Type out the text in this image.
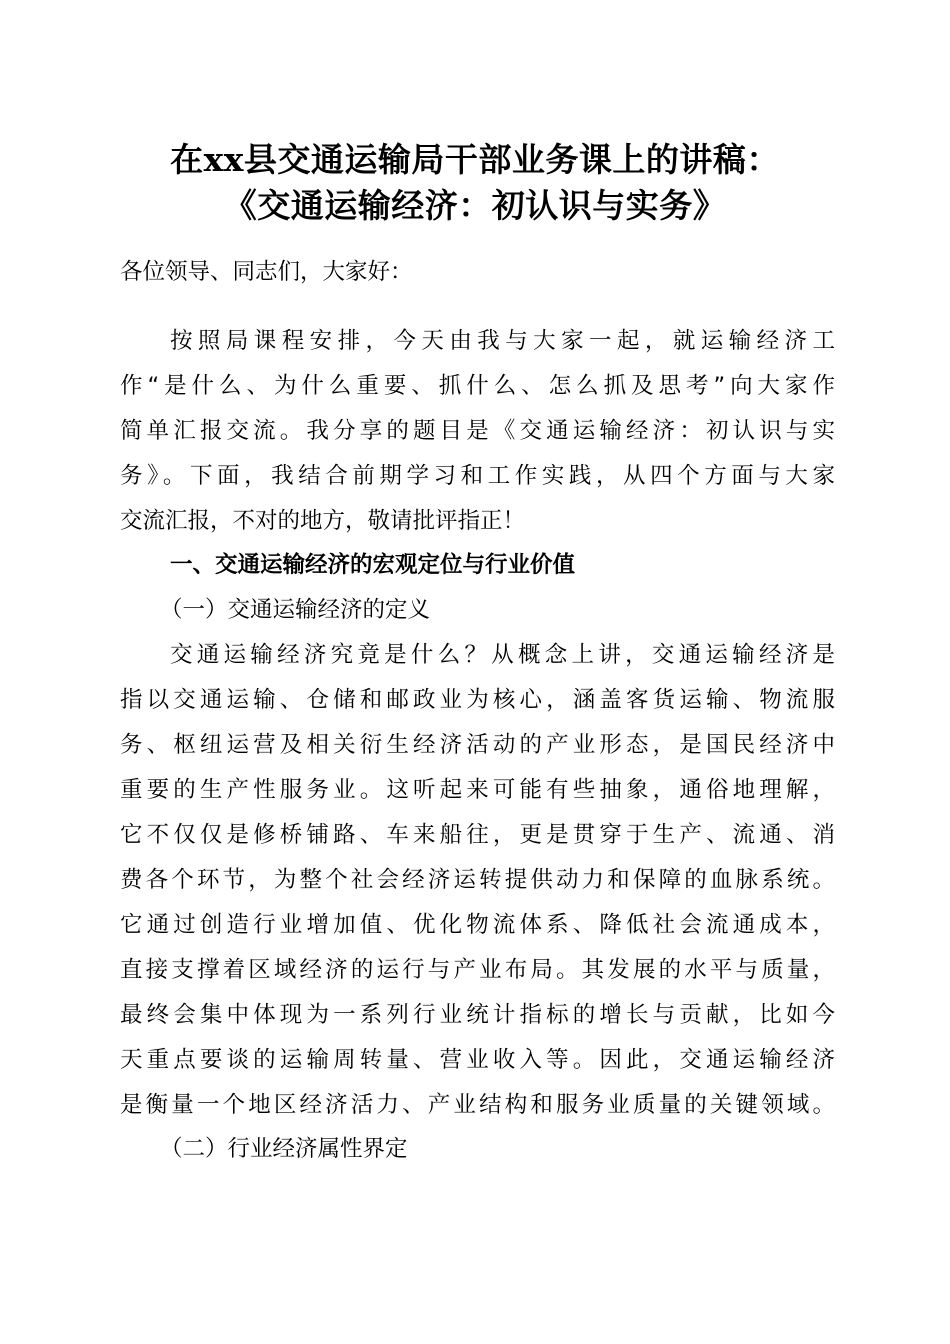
在xx县交通运输局干部业务课上的讲稿：
《交通运输经济：初认识与实务》
各位领导、同志们，大家好：
按照局课程安排，今天由我与大家一起，就运输经济工
作“是什么、为什么重要、抓什么、怎么抓及思考”向大家作
简单汇报交流。我分享的题目是《交通运输经济：初认识与实
务》。下面，我结合前期学习和工作实践，从四个方面与大家
交流汇报，不对的地方，敬请批评指正！
一、交通运输经济的宏观定位与行业价值
（一）交通运输经济的定义
交通运输经济究竟是什么？从概念上讲，交通运输经济是
指以交通运输、仓储和邮政业为核心，涵盖客货运输、物流服
务、枢纽运营及相关衍生经济活动的产业形态，是国民经济中
重要的生产性服务业。这听起来可能有些抽象，通俗地理解，
它不仅仅是修桥铺路、车来船往，更是贯穿于生产、流通、消
费各个环节，为整个社会经济运转提供动力和保障的血脉系统。
它通过创造行业增加值、优化物流体系、降低社会流通成本，
直接支撑着区域经济的运行与产业布局。其发展的水平与质量，
最终会集中体现为一系列行业统计指标的增长与贡献，比如今
天重点要谈的运输周转量、营业收入等。因此，交通运输经济
是衡量一个地区经济活力、产业结构和服务业质量的关键领域。
（二）行业经济属性界定
